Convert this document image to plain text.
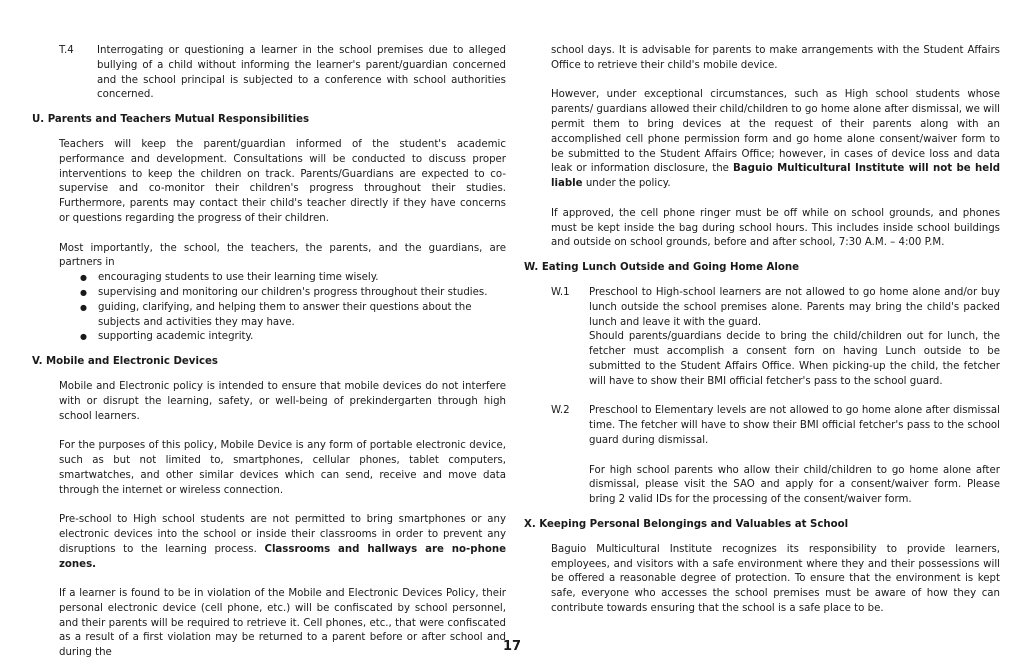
T.4	Interrogating or questioning a learner in the school premises due to alleged bullying of a child without informing the learner's parent/guardian concerned and the school principal is subjected to a conference with school authorities concerned.
U. Parents and Teachers Mutual Responsibilities

Teachers will keep the parent/guardian informed of the student's academic performance and development. Consultations will be conducted to discuss proper interventions to keep the children on track. Parents/Guardians are expected to co-supervise and co-monitor their children's progress throughout their studies. Furthermore, parents may contact their child's teacher directly if they have concerns or questions regarding the progress of their children.

Most importantly, the school, the teachers, the parents, and the guardians, are partners in

● encouraging students to use their learning time wisely.
● supervising and monitoring our children's progress throughout their studies.
● guiding, clarifying, and helping them to answer their questions about the subjects and activities they may have.
● supporting academic integrity.
V. Mobile and Electronic Devices

Mobile and Electronic policy is intended to ensure that mobile devices do not interfere with or disrupt the learning, safety, or well-being of prekindergarten through high school learners.

For the purposes of this policy, Mobile Device is any form of portable electronic device, such as but not limited to, smartphones, cellular phones, tablet computers, smartwatches, and other similar devices which can send, receive and move data through the internet or wireless connection.

Pre-school to High school students are not permitted to bring smartphones or any electronic devices into the school or inside their classrooms in order to prevent any disruptions to the learning process. Classrooms and hallways are no-phone zones.

If a learner is found to be in violation of the Mobile and Electronic Devices Policy, their personal electronic device (cell phone, etc.) will be confiscated by school personnel, and their parents will be required to retrieve it. Cell phones, etc., that were confiscated as a result of a first violation may be returned to a parent before or after school and during the

school days. It is advisable for parents to make arrangements with the Student Affairs Office to retrieve their child's mobile device.

However, under exceptional circumstances, such as High school students whose parents/ guardians allowed their child/children to go home alone after dismissal, we will permit them to bring devices at the request of their parents along with an accomplished cell phone permission form and go home alone consent/waiver form to be submitted to the Student Affairs Office; however, in cases of device loss and data leak or information disclosure, the Baguio Multicultural Institute will not be held liable under the policy.

If approved, the cell phone ringer must be off while on school grounds, and phones must be kept inside the bag during school hours. This includes inside school buildings and outside on school grounds, before and after school, 7:30 A.M. – 4:00 P.M.

W. Eating Lunch Outside and Going Home Alone
W.1	Preschool to High-school learners are not allowed to go home alone and/or buy lunch outside the school premises alone. Parents may bring the child's packed lunch and leave it with the guard.

Should parents/guardians decide to bring the child/children out for lunch, the fetcher must accomplish a consent forn on having Lunch outside to be submitted to the Student Affairs Office. When picking-up the child, the fetcher will have to show their BMI official fetcher's pass to the school guard.

W.2	Preschool to Elementary levels are not allowed to go home alone after dismissal time. The fetcher will have to show their BMI official fetcher's pass to the school guard during dismissal.

For high school parents who allow their child/children to go home alone after dismissal, please visit the SAO and apply for a consent/waiver form. Please bring 2 valid IDs for the processing of the consent/waiver form.

X. Keeping Personal Belongings and Valuables at School

Baguio Multicultural Institute recognizes its responsibility to provide learners, employees, and visitors with a safe environment where they and their possessions will be offered a reasonable degree of protection. To ensure that the environment is kept safe, everyone who accesses the school premises must be aware of how they can contribute towards ensuring that the school is a safe place to be.

17
